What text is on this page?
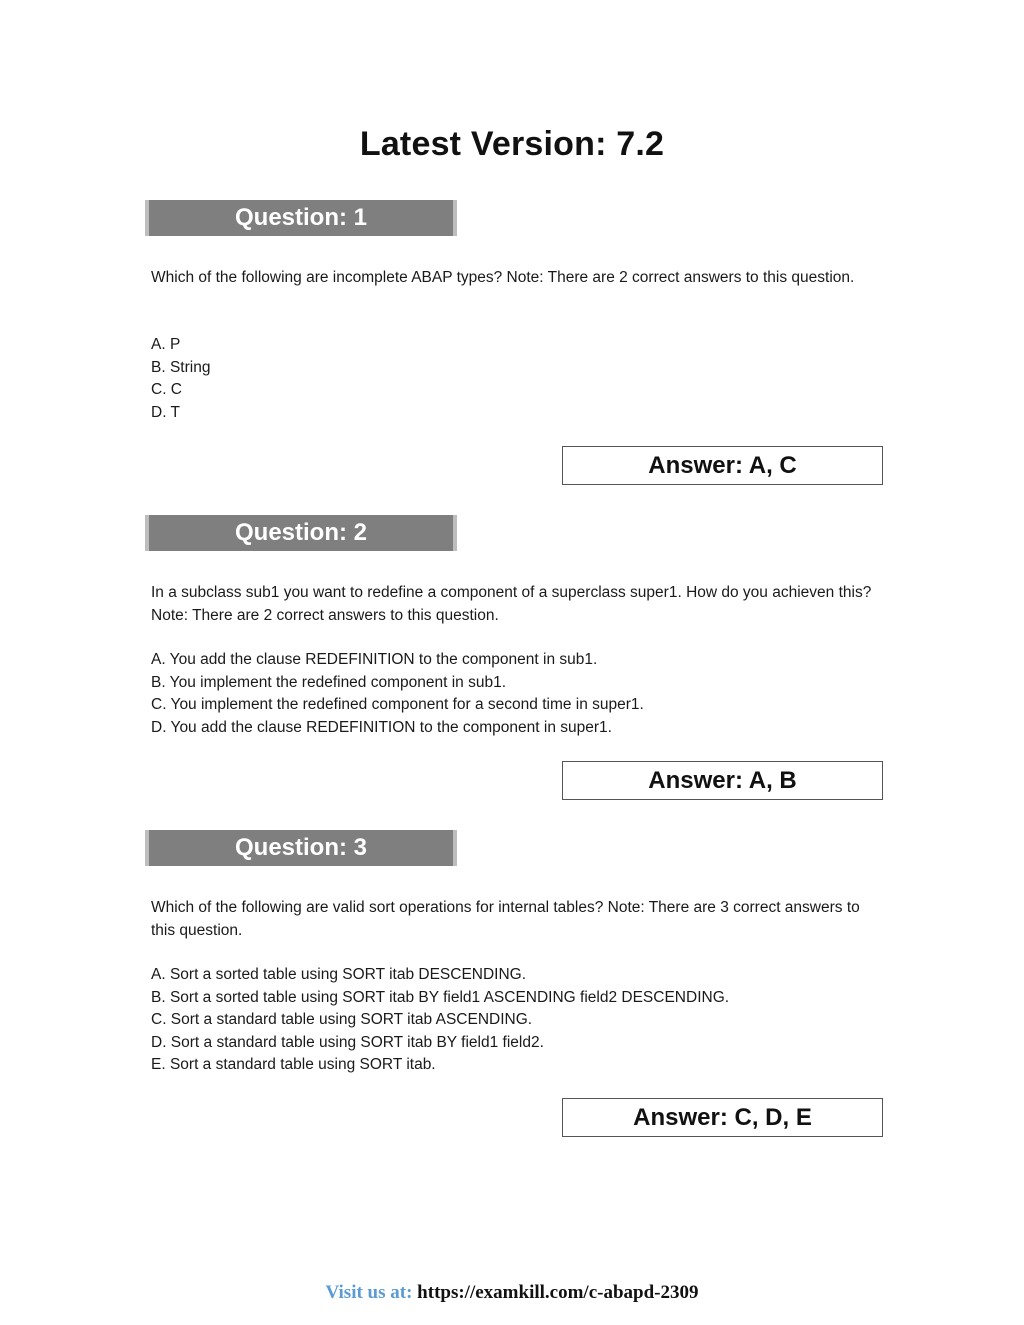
Latest Version: 7.2
Question: 1

Which of the following are incomplete ABAP types? Note: There are 2 correct answers to this question.

A. P
B. String
C. C
D. T
Answer: A, C
Question: 2

In a subclass sub1 you want to redefine a component of a superclass super1. How do you achieven this? Note: There are 2 correct answers to this question.

A. You add the clause REDEFINITION to the component in sub1.
B. You implement the redefined component in sub1.
C. You implement the redefined component for a second time in super1.
D. You add the clause REDEFINITION to the component in super1.
Answer: A, B
Question: 3

Which of the following are valid sort operations for internal tables? Note: There are 3 correct answers to this question.

A. Sort a sorted table using SORT itab DESCENDING.
B. Sort a sorted table using SORT itab BY field1 ASCENDING field2 DESCENDING.
C. Sort a standard table using SORT itab ASCENDING.
D. Sort a standard table using SORT itab BY field1 field2.
E. Sort a standard table using SORT itab.
Answer: C, D, E
Visit us at: https://examkill.com/c-abapd-2309
